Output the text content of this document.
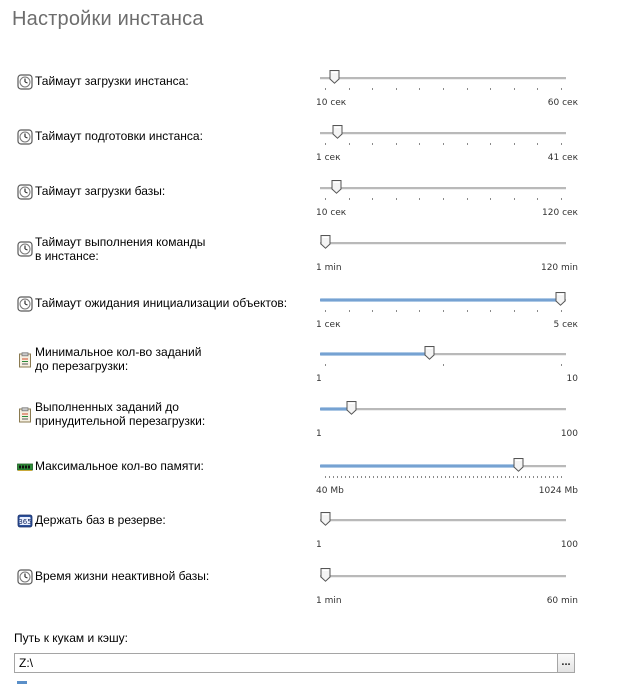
Настройки инстанса
Таймаут загрузки инстанса:
10 сек	60 сек
Таймаут подготовки инстанса:
1 сек	41 сек
Таймаут загрузки базы:
10 сек	120 сек
Таймаут выполнения команды
в инстансе:
1 min	120 min
Таймаут ожидания инициализации объектов:
1 сек	5 сек
Минимальное кол-во заданий
до перезагрузки:
1	10
Выполненных заданий до
принудительной перезагрузки:
1	100
Максимальное кол-во памяти:
40 Mb	1024 Mb
365 Держать баз в резерве:
1	100
Время жизни неактивной базы:
1 min	60 min
Путь к кукам и кэшу:
Z:\
...
